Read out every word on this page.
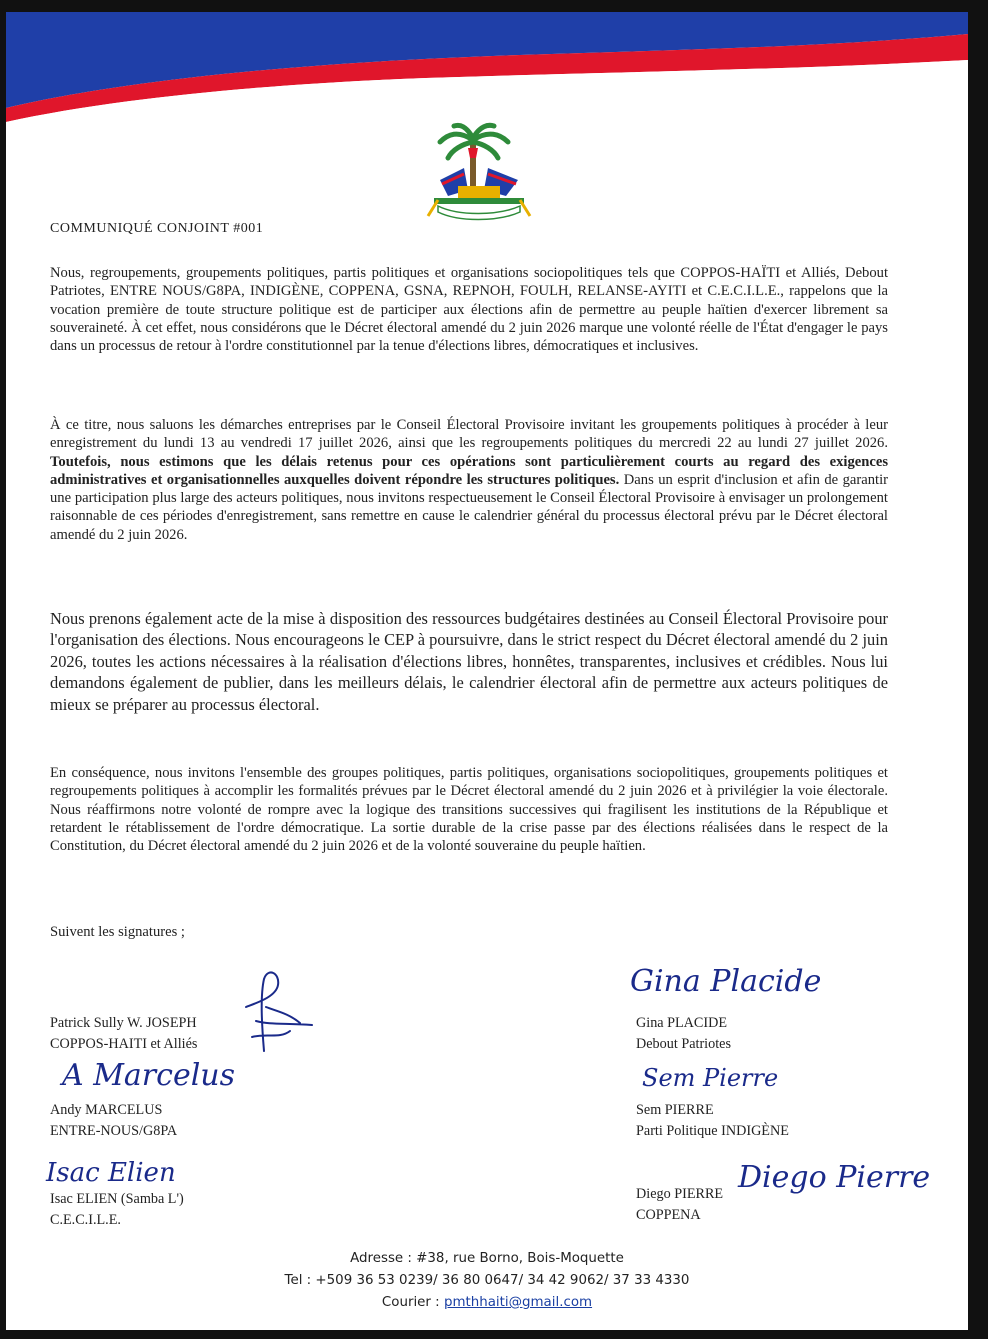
COMMUNIQUÉ CONJOINT #001
Nous, regroupements, groupements politiques, partis politiques et organisations sociopolitiques tels que COPPOS-HAÏTI et Alliés, Debout Patriotes, ENTRE NOUS/G8PA, INDIGÈNE, COPPENA, GSNA, REPNOH, FOULH, RELANSE-AYITI et C.E.C.I.L.E., rappelons que la vocation première de toute structure politique est de participer aux élections afin de permettre au peuple haïtien d'exercer librement sa souveraineté. À cet effet, nous considérons que le Décret électoral amendé du 2 juin 2026 marque une volonté réelle de l'État d'engager le pays dans un processus de retour à l'ordre constitutionnel par la tenue d'élections libres, démocratiques et inclusives.
À ce titre, nous saluons les démarches entreprises par le Conseil Électoral Provisoire invitant les groupements politiques à procéder à leur enregistrement du lundi 13 au vendredi 17 juillet 2026, ainsi que les regroupements politiques du mercredi 22 au lundi 27 juillet 2026. Toutefois, nous estimons que les délais retenus pour ces opérations sont particulièrement courts au regard des exigences administratives et organisationnelles auxquelles doivent répondre les structures politiques. Dans un esprit d'inclusion et afin de garantir une participation plus large des acteurs politiques, nous invitons respectueusement le Conseil Électoral Provisoire à envisager un prolongement raisonnable de ces périodes d'enregistrement, sans remettre en cause le calendrier général du processus électoral prévu par le Décret électoral amendé du 2 juin 2026.
Nous prenons également acte de la mise à disposition des ressources budgétaires destinées au Conseil Électoral Provisoire pour l'organisation des élections. Nous encourageons le CEP à poursuivre, dans le strict respect du Décret électoral amendé du 2 juin 2026, toutes les actions nécessaires à la réalisation d'élections libres, honnêtes, transparentes, inclusives et crédibles. Nous lui demandons également de publier, dans les meilleurs délais, le calendrier électoral afin de permettre aux acteurs politiques de mieux se préparer au processus électoral.
En conséquence, nous invitons l'ensemble des groupes politiques, partis politiques, organisations sociopolitiques, groupements politiques et regroupements politiques à accomplir les formalités prévues par le Décret électoral amendé du 2 juin 2026 et à privilégier la voie électorale. Nous réaffirmons notre volonté de rompre avec la logique des transitions successives qui fragilisent les institutions de la République et retardent le rétablissement de l'ordre démocratique. La sortie durable de la crise passe par des élections réalisées dans le respect de la Constitution, du Décret électoral amendé du 2 juin 2026 et de la volonté souveraine du peuple haïtien.
Suivent les signatures ;
Patrick Sully W. JOSEPH
COPPOS-HAITI et Alliés
Gina Placide
Gina PLACIDE
Debout Patriotes
A Marcelus
Andy MARCELUS
ENTRE-NOUS/G8PA
Sem Pierre
Sem PIERRE
Parti Politique INDIGÈNE
Isac Elien
Isac ELIEN (Samba L')
C.E.C.I.L.E.
Diego Pierre
Diego PIERRE
COPPENA
Adresse : #38, rue Borno, Bois-Moquette
Tel : +509 36 53 0239/ 36 80 0647/ 34 42 9062/ 37 33 4330
Courier : pmthhaiti@gmail.com
